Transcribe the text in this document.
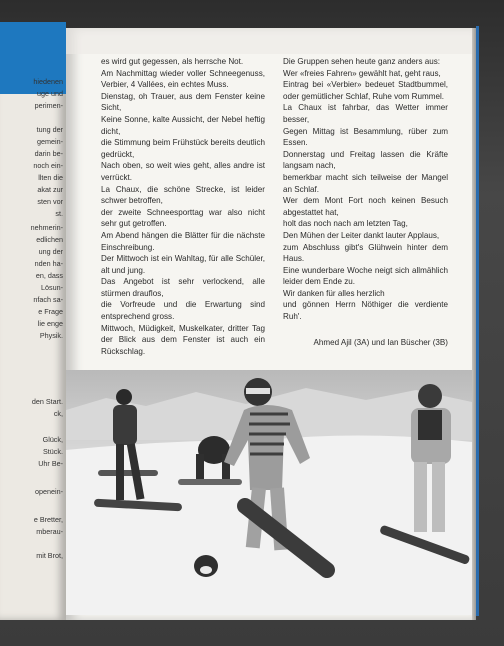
hiedenen
uge und
perimen-
tung der
gemein-
darin be-
noch ein-
llten die
akat zur
sten vor
st.
nehmerin-
edlichen
ung der
nden ha-
en, dass
Lösun-
nfach sa-
e Frage
lie enge
Physik.
den Start.
ck,
Glück,
Stück.
Uhr Be-
openein-
e Bretter,
mberau-
mit Brot,

es wird gut gegessen, als herrsche Not.

Am Nachmittag wieder voller Schneegenuss, Verbier, 4 Vallées, ein echtes Muss.

Dienstag, oh Trauer, aus dem Fenster keine Sicht,

Keine Sonne, kalte Aussicht, der Nebel heftig dicht,

die Stimmung beim Frühstück bereits deutlich gedrückt,

Nach oben, so weit wies geht, alles andre ist verrückt.

La Chaux, die schöne Strecke, ist leider schwer betroffen,

der zweite Schneesporttag war also nicht sehr gut getroffen.

Am Abend hängen die Blätter für die nächste Einschreibung.

Der Mittwoch ist ein Wahltag, für alle Schüler, alt und jung.

Das Angebot ist sehr verlockend, alle stürmen drauflos,

die Vorfreude und die Erwartung sind entsprechend gross.

Mittwoch, Müdigkeit, Muskelkater, dritter Tag der Blick aus dem Fenster ist auch ein Rückschlag.

Die Gruppen sehen heute ganz anders aus:

Wer «freies Fahren» gewählt hat, geht raus,

Eintrag bei «Verbier» bedeuet Stadtbummel, oder gemütlicher Schlaf, Ruhe vom Rummel.

La Chaux ist fahrbar, das Wetter immer besser,

Gegen Mittag ist Besammlung, rüber zum Essen.

Donnerstag und Freitag lassen die Kräfte langsam nach,

bemerkbar macht sich teilweise der Mangel an Schlaf.

Wer dem Mont Fort noch keinen Besuch abgestattet hat,

holt das noch nach am letzten Tag,

Den Mühen der Leiter dankt lauter Applaus,

zum Abschluss gibt's Glühwein hinter dem Haus.

Eine wunderbare Woche neigt sich allmählich leider dem Ende zu.

Wir danken für alles herzlich

und gönnen Herrn Nöthiger die verdiente Ruh'.

Ahmed Ajil (3A) und Ian Büscher (3B)
